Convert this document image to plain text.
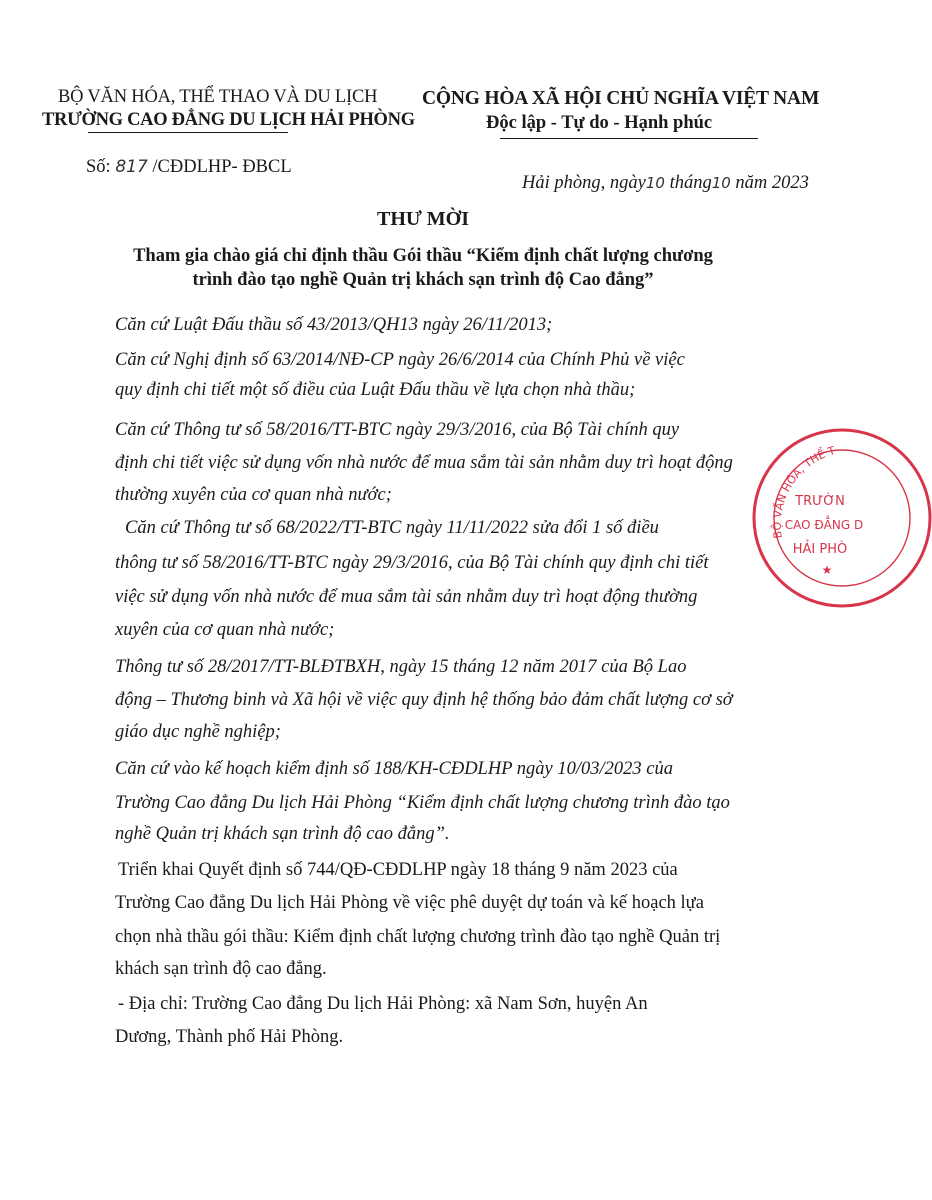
BỘ VĂN HÓA, THỂ THAO VÀ DU LỊCH
TRƯỜNG CAO ĐẲNG DU LỊCH HẢI PHÒNG
CỘNG HÒA XÃ HỘI CHỦ NGHĨA VIỆT NAM
Độc lập - Tự do - Hạnh phúc
Số: 817 /CĐDLHP- ĐBCL
Hải phòng, ngày10 tháng10 năm 2023
THƯ MỜI
Tham gia chào giá chỉ định thầu Gói thầu “Kiểm định chất lượng chương
trình đào tạo nghề Quản trị khách sạn trình độ Cao đẳng”
Căn cứ Luật Đấu thầu số 43/2013/QH13 ngày 26/11/2013;
Căn cứ Nghị định số 63/2014/NĐ-CP ngày 26/6/2014 của Chính Phủ về việc
quy định chi tiết một số điều của Luật Đấu thầu về lựa chọn nhà thầu;
Căn cứ Thông tư số 58/2016/TT-BTC ngày 29/3/2016, của Bộ Tài chính quy
định chi tiết việc sử dụng vốn nhà nước để mua sắm tài sản nhằm duy trì hoạt động
thường xuyên của cơ quan nhà nước;
Căn cứ Thông tư số 68/2022/TT-BTC ngày 11/11/2022 sửa đổi 1 số điều
thông tư số 58/2016/TT-BTC ngày 29/3/2016, của Bộ Tài chính quy định chi tiết
việc sử dụng vốn nhà nước để mua sắm tài sản nhằm duy trì hoạt động thường
xuyên của cơ quan nhà nước;
Thông tư số 28/2017/TT-BLĐTBXH, ngày 15 tháng 12 năm 2017 của Bộ Lao
động – Thương binh và Xã hội về việc quy định hệ thống bảo đảm chất lượng cơ sở
giáo dục nghề nghiệp;
Căn cứ vào kế hoạch kiểm định số 188/KH-CĐDLHP ngày 10/03/2023 của
Trường Cao đẳng Du lịch Hải Phòng “Kiểm định chất lượng chương trình đào tạo
nghề Quản trị khách sạn trình độ cao đẳng”.
Triển khai Quyết định số 744/QĐ-CĐDLHP ngày 18 tháng 9 năm 2023 của
Trường Cao đẳng Du lịch Hải Phòng về việc phê duyệt dự toán và kế hoạch lựa
chọn nhà thầu gói thầu: Kiểm định chất lượng chương trình đào tạo nghề Quản trị
khách sạn trình độ cao đẳng.
- Địa chỉ: Trường Cao đẳng Du lịch Hải Phòng: xã Nam Sơn, huyện An
Dương, Thành phố Hải Phòng.
BỘ VĂN HÓA, THỂ T
TRƯỜN
CAO ĐẲNG D
HẢI PHÒ
★
